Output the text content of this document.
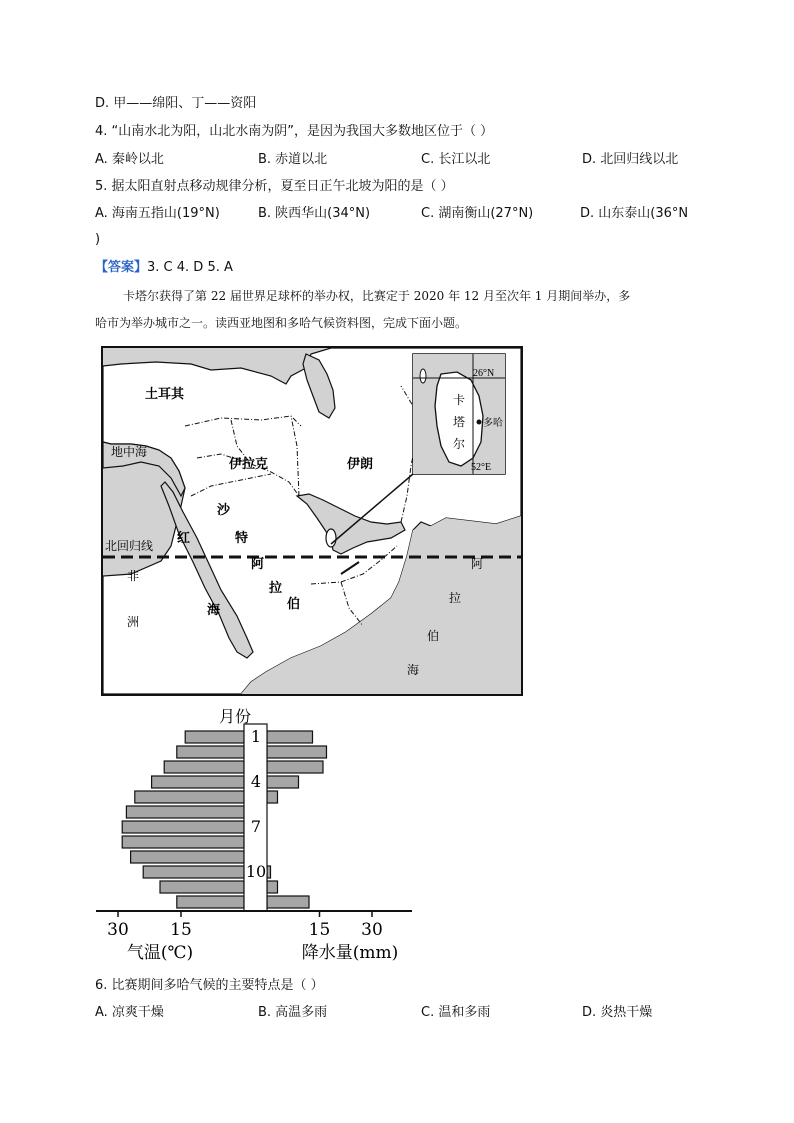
D. 甲——绵阳、丁——资阳
4. “山南水北为阳，山北水南为阴”，是因为我国大多数地区位于（ ）
A. 秦岭以北	B. 赤道以北	C. 长江以北	D. 北回归线以北
5. 据太阳直射点移动规律分析，夏至日正午北坡为阳的是（ ）
A. 海南五指山(19°N)	B. 陕西华山(34°N)	C. 湖南衡山(27°N)	D. 山东泰山(36°N
)
【答案】3. C 4. D 5. A
卡塔尔获得了第 22 届世界足球杯的举办权，比赛定于 2020 年 12 月至次年 1 月期间举办，多
哈市为举办城市之一。读西亚地图和多哈气候资料图，完成下面小题。
土耳其
地中海
伊拉克	伊朗
沙
特
阿
拉
伯
红
海
非
洲
阿
拉
伯
海
北回归线
26°N
52°E
卡
塔
尔
多 哈
月份
1
4
7
10
30 15	15 30
气温(℃)	降水量(mm)
6. 比赛期间多哈气候的主要特点是（ ）
A. 凉爽干燥	B. 高温多雨	C. 温和多雨	D. 炎热干燥
